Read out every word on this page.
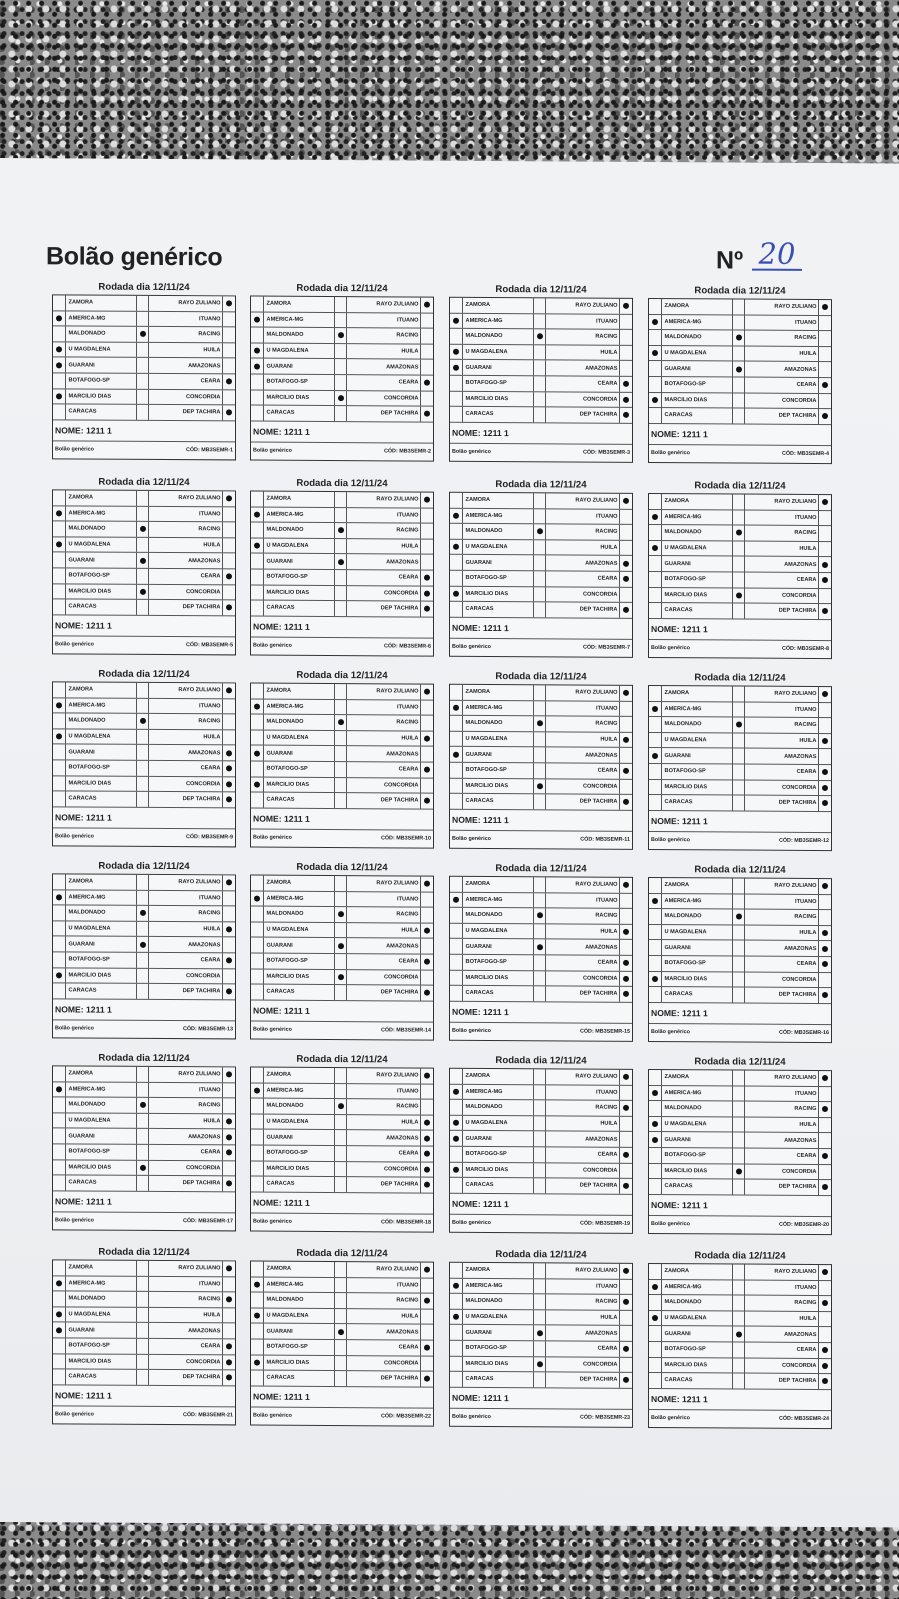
Bolão genérico	Nº 20
Rodada dia 12/11/24
ZAMORA	RAYO ZULIANO
AMERICA-MG	ITUANO
MALDONADO	RACING
U MAGDALENA	HUILA
GUARANI	AMAZONAS
BOTAFOGO-SP	CEARA
MARCILIO DIAS	CONCORDIA
CARACAS	DEP TACHIRA
NOME: 1211 1
Bolão genérico	CÓD: MB3SEMR-1
Rodada dia 12/11/24
ZAMORA	RAYO ZULIANO
AMERICA-MG	ITUANO
MALDONADO	RACING
U MAGDALENA	HUILA
GUARANI	AMAZONAS
BOTAFOGO-SP	CEARA
MARCILIO DIAS	CONCORDIA
CARACAS	DEP TACHIRA
NOME: 1211 1
Bolão genérico	CÓD: MB3SEMR-2
Rodada dia 12/11/24
ZAMORA	RAYO ZULIANO
AMERICA-MG	ITUANO
MALDONADO	RACING
U MAGDALENA	HUILA
GUARANI	AMAZONAS
BOTAFOGO-SP	CEARA
MARCILIO DIAS	CONCORDIA
CARACAS	DEP TACHIRA
NOME: 1211 1
Bolão genérico	CÓD: MB3SEMR-3
Rodada dia 12/11/24
ZAMORA	RAYO ZULIANO
AMERICA-MG	ITUANO
MALDONADO	RACING
U MAGDALENA	HUILA
GUARANI	AMAZONAS
BOTAFOGO-SP	CEARA
MARCILIO DIAS	CONCORDIA
CARACAS	DEP TACHIRA
NOME: 1211 1
Bolão genérico	CÓD: MB3SEMR-4
Rodada dia 12/11/24
ZAMORA	RAYO ZULIANO
AMERICA-MG	ITUANO
MALDONADO	RACING
U MAGDALENA	HUILA
GUARANI	AMAZONAS
BOTAFOGO-SP	CEARA
MARCILIO DIAS	CONCORDIA
CARACAS	DEP TACHIRA
NOME: 1211 1
Bolão genérico	CÓD: MB3SEMR-5
Rodada dia 12/11/24
ZAMORA	RAYO ZULIANO
AMERICA-MG	ITUANO
MALDONADO	RACING
U MAGDALENA	HUILA
GUARANI	AMAZONAS
BOTAFOGO-SP	CEARA
MARCILIO DIAS	CONCORDIA
CARACAS	DEP TACHIRA
NOME: 1211 1
Bolão genérico	CÓD: MB3SEMR-6
Rodada dia 12/11/24
ZAMORA	RAYO ZULIANO
AMERICA-MG	ITUANO
MALDONADO	RACING
U MAGDALENA	HUILA
GUARANI	AMAZONAS
BOTAFOGO-SP	CEARA
MARCILIO DIAS	CONCORDIA
CARACAS	DEP TACHIRA
NOME: 1211 1
Bolão genérico	CÓD: MB3SEMR-7
Rodada dia 12/11/24
ZAMORA	RAYO ZULIANO
AMERICA-MG	ITUANO
MALDONADO	RACING
U MAGDALENA	HUILA
GUARANI	AMAZONAS
BOTAFOGO-SP	CEARA
MARCILIO DIAS	CONCORDIA
CARACAS	DEP TACHIRA
NOME: 1211 1
Bolão genérico	CÓD: MB3SEMR-8
Rodada dia 12/11/24
ZAMORA	RAYO ZULIANO
AMERICA-MG	ITUANO
MALDONADO	RACING
U MAGDALENA	HUILA
GUARANI	AMAZONAS
BOTAFOGO-SP	CEARA
MARCILIO DIAS	CONCORDIA
CARACAS	DEP TACHIRA
NOME: 1211 1
Bolão genérico	CÓD: MB3SEMR-9
Rodada dia 12/11/24
ZAMORA	RAYO ZULIANO
AMERICA-MG	ITUANO
MALDONADO	RACING
U MAGDALENA	HUILA
GUARANI	AMAZONAS
BOTAFOGO-SP	CEARA
MARCILIO DIAS	CONCORDIA
CARACAS	DEP TACHIRA
NOME: 1211 1
Bolão genérico	CÓD: MB3SEMR-10
Rodada dia 12/11/24
ZAMORA	RAYO ZULIANO
AMERICA-MG	ITUANO
MALDONADO	RACING
U MAGDALENA	HUILA
GUARANI	AMAZONAS
BOTAFOGO-SP	CEARA
MARCILIO DIAS	CONCORDIA
CARACAS	DEP TACHIRA
NOME: 1211 1
Bolão genérico	CÓD: MB3SEMR-11
Rodada dia 12/11/24
ZAMORA	RAYO ZULIANO
AMERICA-MG	ITUANO
MALDONADO	RACING
U MAGDALENA	HUILA
GUARANI	AMAZONAS
BOTAFOGO-SP	CEARA
MARCILIO DIAS	CONCORDIA
CARACAS	DEP TACHIRA
NOME: 1211 1
Bolão genérico	CÓD: MB3SEMR-12
Rodada dia 12/11/24
ZAMORA	RAYO ZULIANO
AMERICA-MG	ITUANO
MALDONADO	RACING
U MAGDALENA	HUILA
GUARANI	AMAZONAS
BOTAFOGO-SP	CEARA
MARCILIO DIAS	CONCORDIA
CARACAS	DEP TACHIRA
NOME: 1211 1
Bolão genérico	CÓD: MB3SEMR-13
Rodada dia 12/11/24
ZAMORA	RAYO ZULIANO
AMERICA-MG	ITUANO
MALDONADO	RACING
U MAGDALENA	HUILA
GUARANI	AMAZONAS
BOTAFOGO-SP	CEARA
MARCILIO DIAS	CONCORDIA
CARACAS	DEP TACHIRA
NOME: 1211 1
Bolão genérico	CÓD: MB3SEMR-14
Rodada dia 12/11/24
ZAMORA	RAYO ZULIANO
AMERICA-MG	ITUANO
MALDONADO	RACING
U MAGDALENA	HUILA
GUARANI	AMAZONAS
BOTAFOGO-SP	CEARA
MARCILIO DIAS	CONCORDIA
CARACAS	DEP TACHIRA
NOME: 1211 1
Bolão genérico	CÓD: MB3SEMR-15
Rodada dia 12/11/24
ZAMORA	RAYO ZULIANO
AMERICA-MG	ITUANO
MALDONADO	RACING
U MAGDALENA	HUILA
GUARANI	AMAZONAS
BOTAFOGO-SP	CEARA
MARCILIO DIAS	CONCORDIA
CARACAS	DEP TACHIRA
NOME: 1211 1
Bolão genérico	CÓD: MB3SEMR-16
Rodada dia 12/11/24
ZAMORA	RAYO ZULIANO
AMERICA-MG	ITUANO
MALDONADO	RACING
U MAGDALENA	HUILA
GUARANI	AMAZONAS
BOTAFOGO-SP	CEARA
MARCILIO DIAS	CONCORDIA
CARACAS	DEP TACHIRA
NOME: 1211 1
Bolão genérico	CÓD: MB3SEMR-17
Rodada dia 12/11/24
ZAMORA	RAYO ZULIANO
AMERICA-MG	ITUANO
MALDONADO	RACING
U MAGDALENA	HUILA
GUARANI	AMAZONAS
BOTAFOGO-SP	CEARA
MARCILIO DIAS	CONCORDIA
CARACAS	DEP TACHIRA
NOME: 1211 1
Bolão genérico	CÓD: MB3SEMR-18
Rodada dia 12/11/24
ZAMORA	RAYO ZULIANO
AMERICA-MG	ITUANO
MALDONADO	RACING
U MAGDALENA	HUILA
GUARANI	AMAZONAS
BOTAFOGO-SP	CEARA
MARCILIO DIAS	CONCORDIA
CARACAS	DEP TACHIRA
NOME: 1211 1
Bolão genérico	CÓD: MB3SEMR-19
Rodada dia 12/11/24
ZAMORA	RAYO ZULIANO
AMERICA-MG	ITUANO
MALDONADO	RACING
U MAGDALENA	HUILA
GUARANI	AMAZONAS
BOTAFOGO-SP	CEARA
MARCILIO DIAS	CONCORDIA
CARACAS	DEP TACHIRA
NOME: 1211 1
Bolão genérico	CÓD: MB3SEMR-20
Rodada dia 12/11/24
ZAMORA	RAYO ZULIANO
AMERICA-MG	ITUANO
MALDONADO	RACING
U MAGDALENA	HUILA
GUARANI	AMAZONAS
BOTAFOGO-SP	CEARA
MARCILIO DIAS	CONCORDIA
CARACAS	DEP TACHIRA
NOME: 1211 1
Bolão genérico	CÓD: MB3SEMR-21
Rodada dia 12/11/24
ZAMORA	RAYO ZULIANO
AMERICA-MG	ITUANO
MALDONADO	RACING
U MAGDALENA	HUILA
GUARANI	AMAZONAS
BOTAFOGO-SP	CEARA
MARCILIO DIAS	CONCORDIA
CARACAS	DEP TACHIRA
NOME: 1211 1
Bolão genérico	CÓD: MB3SEMR-22
Rodada dia 12/11/24
ZAMORA	RAYO ZULIANO
AMERICA-MG	ITUANO
MALDONADO	RACING
U MAGDALENA	HUILA
GUARANI	AMAZONAS
BOTAFOGO-SP	CEARA
MARCILIO DIAS	CONCORDIA
CARACAS	DEP TACHIRA
NOME: 1211 1
Bolão genérico	CÓD: MB3SEMR-23
Rodada dia 12/11/24
ZAMORA	RAYO ZULIANO
AMERICA-MG	ITUANO
MALDONADO	RACING
U MAGDALENA	HUILA
GUARANI	AMAZONAS
BOTAFOGO-SP	CEARA
MARCILIO DIAS	CONCORDIA
CARACAS	DEP TACHIRA
NOME: 1211 1
Bolão genérico	CÓD: MB3SEMR-24
